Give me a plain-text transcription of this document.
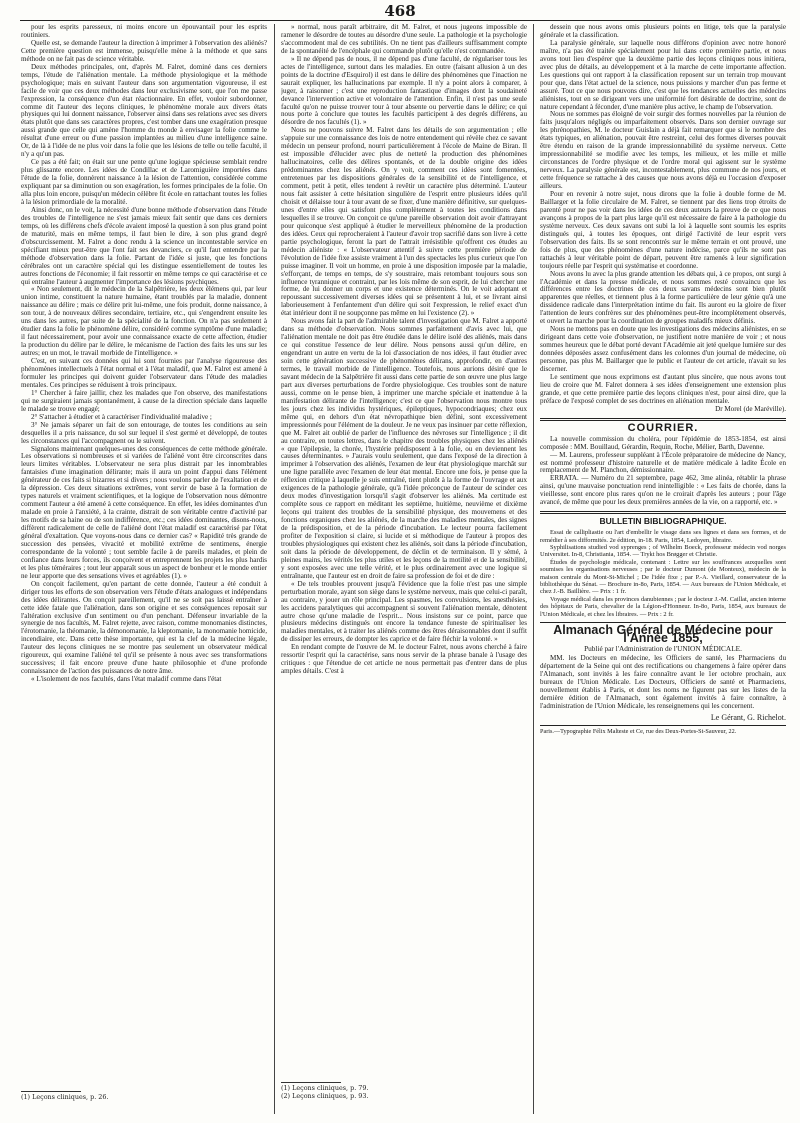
468

pour les esprits paresseux, ni moins encore un épouvantail pour les esprits routiniers.

Quelle est, se demande l'auteur la direction à imprimer à l'observation des aliénés? Cette première question est immense, puisqu'elle mène à la méthode et que sans méthode on ne fait pas de science véritable.

Deux méthodes principales, ont, d'après M. Falret, dominé dans ces derniers temps, l'étude de l'aliénation mentale. La méthode physiologique et la méthode psychologique; mais en suivant l'auteur dans son argumentation vigoureuse, il est facile de voir que ces deux méthodes dans leur exclusivisme sont, que l'on me passe l'expression, la conséquence d'un état réactionnaire. En effet, vouloir subordonner, comme dit l'auteur des leçons cliniques, le phénomène morale aux divers états physiques qui lui donnent naissance, l'observer ainsi dans ses relations avec ses divers états plutôt que dans ses caractères propres, c'est tomber dans une exagération presque aussi grande que celle qui amène l'homme du monde à envisager la folie comme le résultat d'une erreur ou d'une passion implantées au milieu d'une intelligence saine. Or, de là à l'idée de ne plus voir dans la folie que les lésions de telle ou telle faculté, il n'y a qu'un pas.

Ce pas a été fait; on était sur une pente qu'une logique spécieuse semblait rendre plus glissante encore. Les idées de Condillac et de Laromiguière importées dans l'étude de la folie, donnèrent naissance à la lésion de l'attention, considérée comme expliquant par sa diminution ou son exagération, les formes principales de la folie. On alla plus loin encore, puisqu'un médecin célèbre fit école en rattachant toutes les folies à la lésion primordiale de la moralité.

Ainsi donc, on le voit, la nécessité d'une bonne méthode d'observation dans l'étude des troubles de l'intelligence ne s'est jamais mieux fait sentir que dans ces derniers temps, où les différens chefs d'école avaient imposé la question à son plus grand point de maturité, mais en même temps, il faut bien le dire, à son plus grand degré d'obscurcissement. M. Falret a donc rendu à la science un incontestable service en spécifiant mieux peut-être que l'ont fait ses devanciers, ce qu'il faut entendre par la méthode d'observation dans la folie. Partant de l'idée si juste, que les fonctions cérébrales ont un caractère spécial qui les distingue essentiellement de toutes les autres fonctions de l'économie; il fait ressortir en même temps ce qui caractérise et ce qui entraîne l'auteur à augmenter l'importance des lésions psychiques.

« Non seulement, dit le médecin de la Salpêtrière, les deux élémens qui, par leur union intime, constituent la nature humaine, étant troublés par la maladie, donnent naissance au délire ; mais ce délire prit lui-même, une fois produit, donne naissance, à son tour, à de nouveaux délires secondaire, tertiaire, etc., qui s'engendrent ensuite les uns dans les autres, par suite de la spécialité de la fonction. On n'a pas seulement à étudier dans la folie le phénomène délire, considéré comme symptôme d'une maladie; il faut nécessairement, pour avoir une connaissance exacte de cette affection, étudier la production du délire par le délire, le mécanisme de l'action des faits les uns sur les autres; en un mot, le travail morbide de l'intelligence. »

C'est, en suivant ces données qui lui sont fournies par l'analyse rigoureuse des phénomènes intellectuels à l'état normal et à l'état maladif, que M. Falret est amené à formuler les principes qui doivent guider l'observateur dans l'étude des maladies mentales. Ces principes se réduisent à trois principaux.

1° Chercher à faire jaillir, chez les malades que l'on observe, des manifestations qui ne surgiraient jamais spontanément, à cause de la direction spéciale dans laquelle le malade se trouve engagé;

2° S'attacher à étudier et à caractériser l'individualité maladive ;

3° Ne jamais séparer un fait de son entourage, de toutes les conditions au sein desquelles il a pris naissance, du sol sur lequel il s'est germé et développé, de toutes les circonstances qui l'accompagnent ou le suivent.

Signalons maintenant quelques-unes des conséquences de cette méthode générale. Les observations si nombreuses et si variées de l'aliéné vont être circonscrites dans leurs limites véritables. L'observateur ne sera plus distrait par les innombrables fantaisies d'une imagination délirante; mais il aura un point d'appui dans l'élément générateur de ces faits si bizarres et si divers ; nous voulons parler de l'exaltation et de la dépression. Ces deux situations extrêmes, vont servir de base à la formation de types naturels et vraiment scientifiques, et la logique de l'observation nous démontre comment l'auteur a été amené à cette conséquence. En effet, les idées dominantes d'un malade en proie à l'anxiété, à la crainte, distrait de son véritable centre d'activité par les motifs de sa haine ou de son indifférence, etc.; ces idées dominantes, disons-nous, diffèrent radicalement de celle de l'aliéné dont l'état maladif est caractérisé par l'état général d'exaltation. Que voyons-nous dans ce dernier cas? « Rapidité très grande de succession des pensées, vivacité et mobilité extrême de sentimens, énergie correspondante de la volonté ; tout semble facile à de pareils malades, et plein de confiance dans leurs forces, ils conçoivent et entreprennent les projets les plus hardis et les plus téméraires ; tout leur apparaît sous un aspect de bonheur et le monde entier ne leur apporte que des sensations vives et agréables (1). »

On conçoit facilement, qu'en partant de cette donnée, l'auteur a été conduit à diriger tous les efforts de son observation vers l'étude d'états analogues et indépendans des idées délirantes. On conçoit pareillement, qu'il ne se soit pas laissé entraîner à cette idée fatale que l'aliénation, dans son origine et ses conséquences reposait sur l'altération exclusive d'un sentiment ou d'un penchant. Défenseur invariable de la synergie de nos facultés, M. Falret rejette, avec raison, comme monomanies distinctes, l'érotomanie, la théomanie, la démonomanie, la kleptomanie, la monomanie homicide, incendiaire, etc. Dans cette thèse importante, qui est la clef de la médecine légale, l'auteur des leçons cliniques ne se montre pas seulement un observateur médical rigoureux, qui examine l'aliéné tel qu'il se présente à nous avec ses transformations successives; il fait encore preuve d'une haute philosophie et d'une profonde connaissance de l'action des puissances de notre âme.

« L'isolement de nos facultés, dans l'état maladif comme dans l'état

» normal, nous paraît arbitraire, dit M. Falret, et nous jugeons impossible de ramener le désordre de toutes au désordre d'une seule. La pathologie et la psychologie s'accommodent mal de ces subtilités. On ne tient pas d'ailleurs suffisamment compte de la spontanéité de l'encéphale qui commande plutôt qu'elle n'est commandée.

» Il ne dépend pas de nous, il ne dépend pas d'une faculté, de régulariser tous les actes de l'intelligence, surtout dans les maladies. En outre (faisant allusion à un des points de la doctrine d'Esquirol) il est dans le délire des phénomènes que l'inaction ne saurait expliquer, les hallucinations par exemple. Il n'y a point alors à comparer, à juger, à raisonner ; c'est une reproduction fantastique d'images dont la soudaineté devance l'intervention active et volontaire de l'attention. Enfin, il n'est pas une seule faculté qu'on ne puisse trouver tour à tour absente ou pervertie dans le délire; ce qui nous porte à conclure que toutes les facultés participent à des degrés différens, au désordre de nos facultés (1). »

Nous ne pouvons suivre M. Falret dans les détails de son argumentation ; elle s'appuie sur une connaissance des lois de notre entendement qui révèle chez ce savant médecin un penseur profond, nourri particulièrement à l'école de Maine de Biran. Il est impossible d'élucider avec plus de netteté la production des phénomènes hallucinatoires, celle des délires spontanés, et de la double origine des idées prédominantes chez les aliénés. On y voit, comment ces idées sont fomentées, entretenues par les dispositions générales de la sensibilité et de l'intelligence, et comment, petit à petit, elles tendent à revêtir un caractère plus déterminé. L'auteur nous fait assister à cette hésitation singulière de l'esprit entre plusieurs idées qu'il choisit et délaisse tour à tour avant de se fixer, d'une manière définitive, sur quelques-unes d'entre elles qui satisfont plus complètement à toutes les conditions dans lesquelles il se trouve. On conçoit ce qu'une pareille observation doit avoir d'attrayant pour quiconque s'est appliqué à étudier le merveilleux phénomène de la production des idées. Ceux qui reprocheraient à l'auteur d'avoir trop sacrifié dans son livre à cette partie psychologique, feront la part de l'attrait irrésistible qu'offrent ces études au médecin aliéniste : « L'observateur attentif à suivre cette première période de l'évolution de l'idée fixe assiste vraiment à l'un des spectacles les plus curieux que l'on puisse imaginer. Il voit un homme, en proie à une disposition imposée par la maladie, s'efforçant, de temps en temps, de s'y soustraire, mais retombant toujours sous son influence tyrannique et contraint, par les lois même de son esprit, de lui chercher une forme, de lui donner un corps et une existence déterminés. On le voit adoptant et repoussant successivement diverses idées qui se présentent à lui, et se livrant ainsi laborieusement à l'enfantement d'un délire qui soit l'expression, le relief exact d'un état intérieur dont il ne soupçonne pas même en lui l'existence (2). »

Nous avons fait la part de l'admirable talent d'investigation que M. Falret a apporté dans sa méthode d'observation. Nous sommes parfaitement d'avis avec lui, que l'aliénation mentale ne doit pas être étudiée dans le délire isolé des aliénés, mais dans ce qui constitue l'essence de leur délire. Nous pensons aussi qu'un délire, en engendrant un autre en vertu de la loi d'association de nos idées, il faut étudier avec soin cette génération successive de phénomènes délirans, approfondir, en d'autres termes, le travail morbide de l'intelligence. Toutefois, nous aurions désiré que le savant médecin de la Salpêtrière fit aussi dans cette partie de son œuvre une plus large part aux diverses perturbations de l'ordre physiologique. Ces troubles sont de nature aussi, comme on le pense bien, à imprimer une marche spéciale et inattendue à la manifestation délirante de l'intelligence; c'est ce que l'observation nous montre tous les jours chez les individus hystériques, épileptiques, hypocondriaques; chez eux même qui, en dehors d'un état névropathique bien défini, sont excessivement impressionnés pour l'élément de la douleur. Je ne veux pas insinuer par cette réflexion, que M. Falret ait oublié de parler de l'influence des névroses sur l'intelligence ; il dit au contraire, en toutes lettres, dans le chapitre des troubles physiques chez les aliénés « que l'épilepsie, la chorée, l'hystérie prédisposent à la folie, ou en deviennent les causes déterminantes. » J'aurais voulu seulement, que dans l'exposé de la direction à imprimer à l'observation des aliénés, l'examen de leur état physiologique marchât sur une ligne parallèle avec l'examen de leur état mental. Encore une fois, je pense que la réflexion critique à laquelle je suis entraîné, tient plutôt à la forme de l'ouvrage et aux exigences de la pathologie générale, qu'à l'idée préconçue de l'auteur de scinder ces deux modes d'investigation lorsqu'il s'agit d'observer les aliénés. Ma certitude est complète sous ce rapport en méditant les septième, huitième, neuvième et dixième leçons qui traitent des troubles de la sensibilité physique, des mouvemens et des fonctions organiques chez les aliénés, de la marche des maladies mentales, des signes de la prédisposition, et de la période d'incubation. Le lecteur pourra facilement profiter de l'exposition si claire, si lucide et si méthodique de l'auteur à propos des troubles physiologiques qui existent chez les aliénés, soit dans la période d'incubation, soit dans la période de développement, de déclin et de terminaison. Il y sèmé, à pleines mains, les vérités les plus utiles et les leçons de la motilité et de la sensibilité, y sont exposées avec une telle vérité, et le plus ordinairement avec une logique si entraînante, que l'auteur est en droit de faire sa profession de foi et de dire :

« De tels troubles prouvent jusqu'à l'évidence que la folie n'est pas une simple perturbation morale, ayant son siège dans le système nerveux, mais que celui-ci paraît, au contraire, y jouer un rôle principal. Les spasmes, les convulsions, les anesthésies, les accidens paralytiques qui accompagnent si souvent l'aliénation mentale, dénotent autre chose qu'une maladie de l'esprit... Nous insistons sur ce point, parce que plusieurs médecins distingués ont encore la tendance funeste de spiritualiser les maladies mentales, et à traiter les aliénés comme des êtres déraisonnables dont il suffit de dissiper les erreurs, de dompter les caprice et de faire fléchir la volonté. »

En rendant compte de l'œuvre de M. le docteur Falret, nous avons cherché à faire ressortir l'esprit qui la caractérise, sans nous servir de la phrase banale à l'usage des critiques : que l'étendue de cet article ne nous permettait pas d'entrer dans de plus amples détails. C'est à

dessein que nous avons omis plusieurs points en litige, tels que la paralysie générale et la classification.

La paralysie générale, sur laquelle nous différons d'opinion avec notre honoré maître, n'a pas été traitée spécialement pour lui dans cette première partie, et nous avons tout lieu d'espérer que la deuxième partie des leçons cliniques nous initiera, avec plus de détails, au développement et à la marche de cette importante affection. Les questions qui ont rapport à la classification reposent sur un terrain trop mouvant pour que, dans l'état actuel de la science, nous puissions y marcher d'un pas ferme et assuré. Tout ce que nous pouvons dire, c'est que les tendances actuelles des médecins aliénistes, tout en se dirigeant vers une uniformité fort désirable de doctrine, sont de nature cependant à féconder, d'une manière plus active, le champ de l'observation.

Nous ne sommes pas éloigné de voir surgir des formes nouvelles par la réunion de faits jusqu'alors négligés ou imparfaitement observés. Dans son dernier ouvrage sur les phrénopathies, M. le docteur Guislain a déjà fait remarquer que si le nombre des états typiques, en aliénation, pouvait être restreint, celui des formes diverses pouvait être étendu en raison de la grande impressionnabilité du système nerveux. Cette impressionnabilité se modifie avec les temps, les milieux, et les mille et mille circonstances de l'ordre physique et de l'ordre moral qui agissent sur le système nerveux. La paralysie générale est, incontestablement, plus commune de nos jours, et cette fréquence se rattache à des causes que nous avons déjà eu l'occasion d'exposer ailleurs.

Pour en revenir à notre sujet, nous dirons que la folie à double forme de M. Baillarger et la folie circulaire de M. Falret, se tiennent par des liens trop étroits de parenté pour ne pas voir dans les idées de ces deux auteurs la preuve de ce que nous avançons à propos de la part plus large qu'il est nécessaire de faire à la pathologie du système nerveux. Ces deux savans ont subi la loi à laquelle sont soumis les esprits distingués qui, à toutes les époques, ont dirigé l'activité de leur esprit vers l'observation des faits. Ils se sont rencontrés sur le même terrain et ont prouvé, une fois de plus, que des phénomènes d'une nature indécise, parce qu'ils ne sont pas rattachés à leur véritable point de départ, peuvent être ramenés à leur signification toujours réelle par l'esprit qui systématise et coordonne.

Nous avons lu avec la plus grande attention les débats qui, à ce propos, ont surgi à l'Académie et dans la presse médicale, et nous sommes resté convaincu que les différences entre les doctrines de ces deux savans médecins sont bien plutôt apparentes que réelles, et tiennent plus à la forme particulière de leur génie qu'à une dissidence radicale dans l'interprétation intime du fait. Ils auront eu la gloire de fixer l'attention de leurs confrères sur des phénomènes peut-être incomplètement observés, et ouvert la marche pour la coordination de groupes maladifs mieux définis.

Nous ne mettons pas en doute que les investigations des médecins aliénistes, en se dirigeant dans cette voie d'observation, ne justifient notre manière de voir ; et nous sommes heureux que le débat porté devant l'Académie ait jeté quelque lumière sur des données déposées assez confusément dans les colonnes d'un journal de médecine, où personne, pas plus M. Baillarger que le public et l'auteur de cet article, n'avait su les discerner.

Le sentiment que nous exprimons est d'autant plus sincère, que nous avons tout lieu de croire que M. Falret donnera à ses idées d'enseignement une extension plus grande, et que cette première partie des leçons cliniques n'est, pour ainsi dire, que la préface de l'exposé complet de ses doctrines en aliénation mentale.

Dr Morel (de Maréville).

COURRIER.

La nouvelle commission du choléra, pour l'épidémie de 1853-1854, est ainsi composée : MM. Bouillaud, Gérardin, Requin, Roche, Mélier, Barth, Davenne.

— M. Laurens, professeur suppléant à l'École préparatoire de médecine de Nancy, est nommé professeur d'histoire naturelle et de matière médicale à ladite École en remplacement de M. Planchon, démissionnaire.

ERRATA. — Numéro du 21 septembre, page 462, 3me alinéa, rétablir la phrase ainsi, qu'une mauvaise ponctuation rend inintelligible : « Les faits de chorée, dans la vieillesse, sont encore plus rares qu'on ne le croirait d'après les auteurs ; pour l'âge avancé, de même que pour les deux premières années de la vie, on a rapporté, etc. »

BULLETIN BIBLIOGRAPHIQUE.

Essai de callipliastie ou l'art d'embellir le visage dans ses lignes et dans ses formes, et de remédier à ses difformités. 2e édition, in-18. Paris, 1854, Ledoyen, libraire.

Syphilisations studied vod syprenges ; of Wilhelm Boeck, professeur médecin vod norges Universitet. In-8, Christiania, 1854. — Trykt hos Brøgger et Christie.

Études de psychologie médicale, contenant : Lettre sur les souffrances auxquelles sont soumises les organisations nerveuses ; par le docteur Dumont (de Monteux), médecin de la maison centrale du Mont-St-Michel ; De l'idée fixe ; par P.-A. Vieillard, conservateur de la bibliothèque du Sénat. — Brochure in-8o, Paris, 1854. — Aux bureaux de l'Union Médicale, et chez J.-B. Baillière. — Prix : 1 fr.

Voyage médical dans les provinces danubiennes ; par le docteur J.-M. Caillat, ancien interne des hôpitaux de Paris, chevalier de la Légion-d'Honneur. In-8o, Paris, 1854, aux bureaux de l'Union Médicale, et chez les libraires. — Prix : 2 fr.

Almanach Général de Médecine pour l'Année 1855,
Publié par l'Administration de l'UNION MÉDICALE.

MM. les Docteurs en médecine, les Officiers de santé, les Pharmaciens du département de la Seine qui ont des rectifications ou changemens à faire opérer dans l'Almanach, sont invités à les faire connaître avant le 1er octobre prochain, aux bureaux de l'Union Médicale. Les Docteurs, Officiers de santé et Pharmaciens, nouvellement établis à Paris, et dont les noms ne figurent pas sur les listes de la dernière édition de l'Almanach, sont également invités à faire connaître, à l'administration de l'Union Médicale, les renseignemens qui les concernent.

Le Gérant, G. Richelot.
Paris.—Typographie Félix Malteste et Ce, rue des Deux-Portes-St-Sauveur, 22.
(1) Leçons cliniques, p. 26.
(1) Leçons cliniques, p. 79.
(2) Leçons cliniques, p. 93.
